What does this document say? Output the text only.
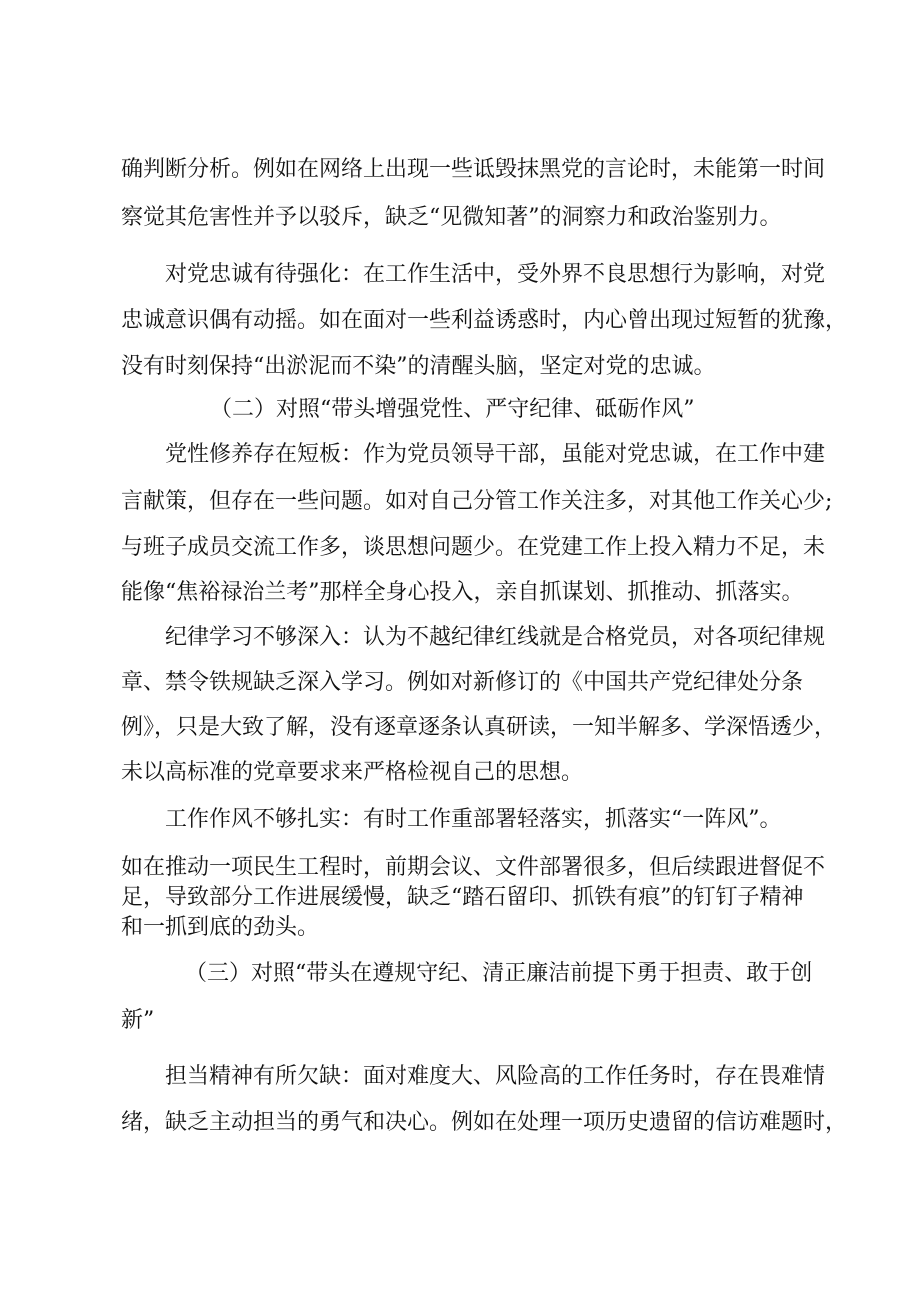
确判断分析。例如在网络上出现一些诋毁抹黑党的言论时，未能第一时间

察觉其危害性并予以驳斥，缺乏“见微知著”的洞察力和政治鉴别力。

对党忠诚有待强化：在工作生活中，受外界不良思想行为影响，对党

忠诚意识偶有动摇。如在面对一些利益诱惑时，内心曾出现过短暂的犹豫，

没有时刻保持“出淤泥而不染”的清醒头脑，坚定对党的忠诚。

（二）对照“带头增强党性、严守纪律、砥砺作风”

党性修养存在短板：作为党员领导干部，虽能对党忠诚，在工作中建

言献策，但存在一些问题。如对自己分管工作关注多，对其他工作关心少;

与班子成员交流工作多，谈思想问题少。在党建工作上投入精力不足，未

能像“焦裕禄治兰考”那样全身心投入，亲自抓谋划、抓推动、抓落实。

纪律学习不够深入：认为不越纪律红线就是合格党员，对各项纪律规

章、禁令铁规缺乏深入学习。例如对新修订的《中国共产党纪律处分条

例》，只是大致了解，没有逐章逐条认真研读，一知半解多、学深悟透少，

未以高标准的党章要求来严格检视自己的思想。

工作作风不够扎实：有时工作重部署轻落实，抓落实“一阵风”。

如在推动一项民生工程时，前期会议、文件部署很多，但后续跟进督促不

足，导致部分工作进展缓慢，缺乏“踏石留印、抓铁有痕”的钉钉子精神

和一抓到底的劲头。

（三）对照“带头在遵规守纪、清正廉洁前提下勇于担责、敢于创

新”

担当精神有所欠缺：面对难度大、风险高的工作任务时，存在畏难情

绪，缺乏主动担当的勇气和决心。例如在处理一项历史遗留的信访难题时，
